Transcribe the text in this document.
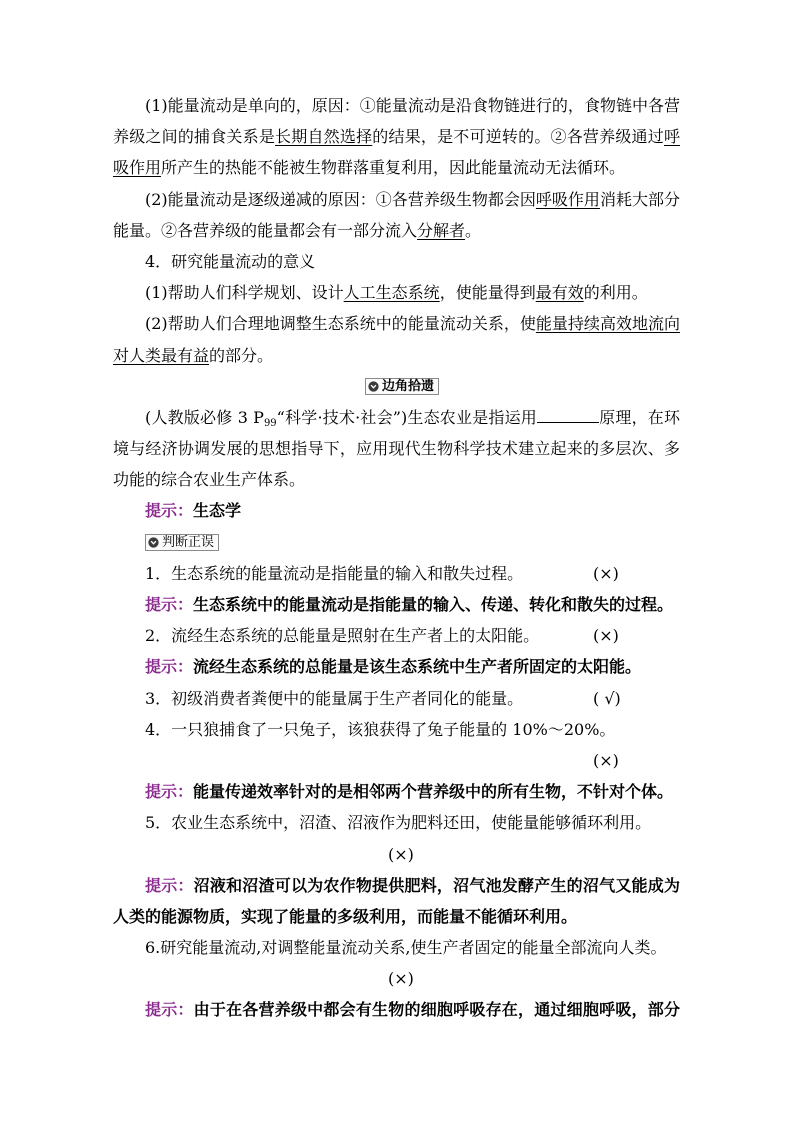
(1)能量流动是单向的，原因：①能量流动是沿食物链进行的，食物链中各营
养级之间的捕食关系是长期自然选择的结果，是不可逆转的。②各营养级通过呼
吸作用所产生的热能不能被生物群落重复利用，因此能量流动无法循环。
(2)能量流动是逐级递减的原因：①各营养级生物都会因呼吸作用消耗大部分
能量。②各营养级的能量都会有一部分流入分解者。
4．研究能量流动的意义
(1)帮助人们科学规划、设计人工生态系统，使能量得到最有效的利用。
(2)帮助人们合理地调整生态系统中的能量流动关系，使能量持续高效地流向
对人类最有益的部分。
边角拾遗
(人教版必修 3 $P_{99}“$科学·技术·社会”)生态农业是指运用	原理，在环
境与经济协调发展的思想指导下，应用现代生物科学技术建立起来的多层次、多
功能的综合农业生产体系。
提示：生态学
判断正误
1．生态系统的能量流动是指能量的输入和散失过程。	(×)
提示：生态系统中的能量流动是指能量的输入、传递、转化和散失的过程。
2．流经生态系统的总能量是照射在生产者上的太阳能。	(×)
提示：流经生态系统的总能量是该生态系统中生产者所固定的太阳能。
3．初级消费者粪便中的能量属于生产者同化的能量。	( √)
4．一只狼捕食了一只兔子，该狼获得了兔子能量的 10%～20%。
(×)
提示：能量传递效率针对的是相邻两个营养级中的所有生物，不针对个体。
5．农业生态系统中，沼渣、沼液作为肥料还田，使能量能够循环利用。
(×)
提示：沼液和沼渣可以为农作物提供肥料，沼气池发酵产生的沼气又能成为
人类的能源物质，实现了能量的多级利用，而能量不能循环利用。
6.研究能量流动,对调整能量流动关系,使生产者固定的能量全部流向人类。
(×)
提示：由于在各营养级中都会有生物的细胞呼吸存在，通过细胞呼吸，部分
